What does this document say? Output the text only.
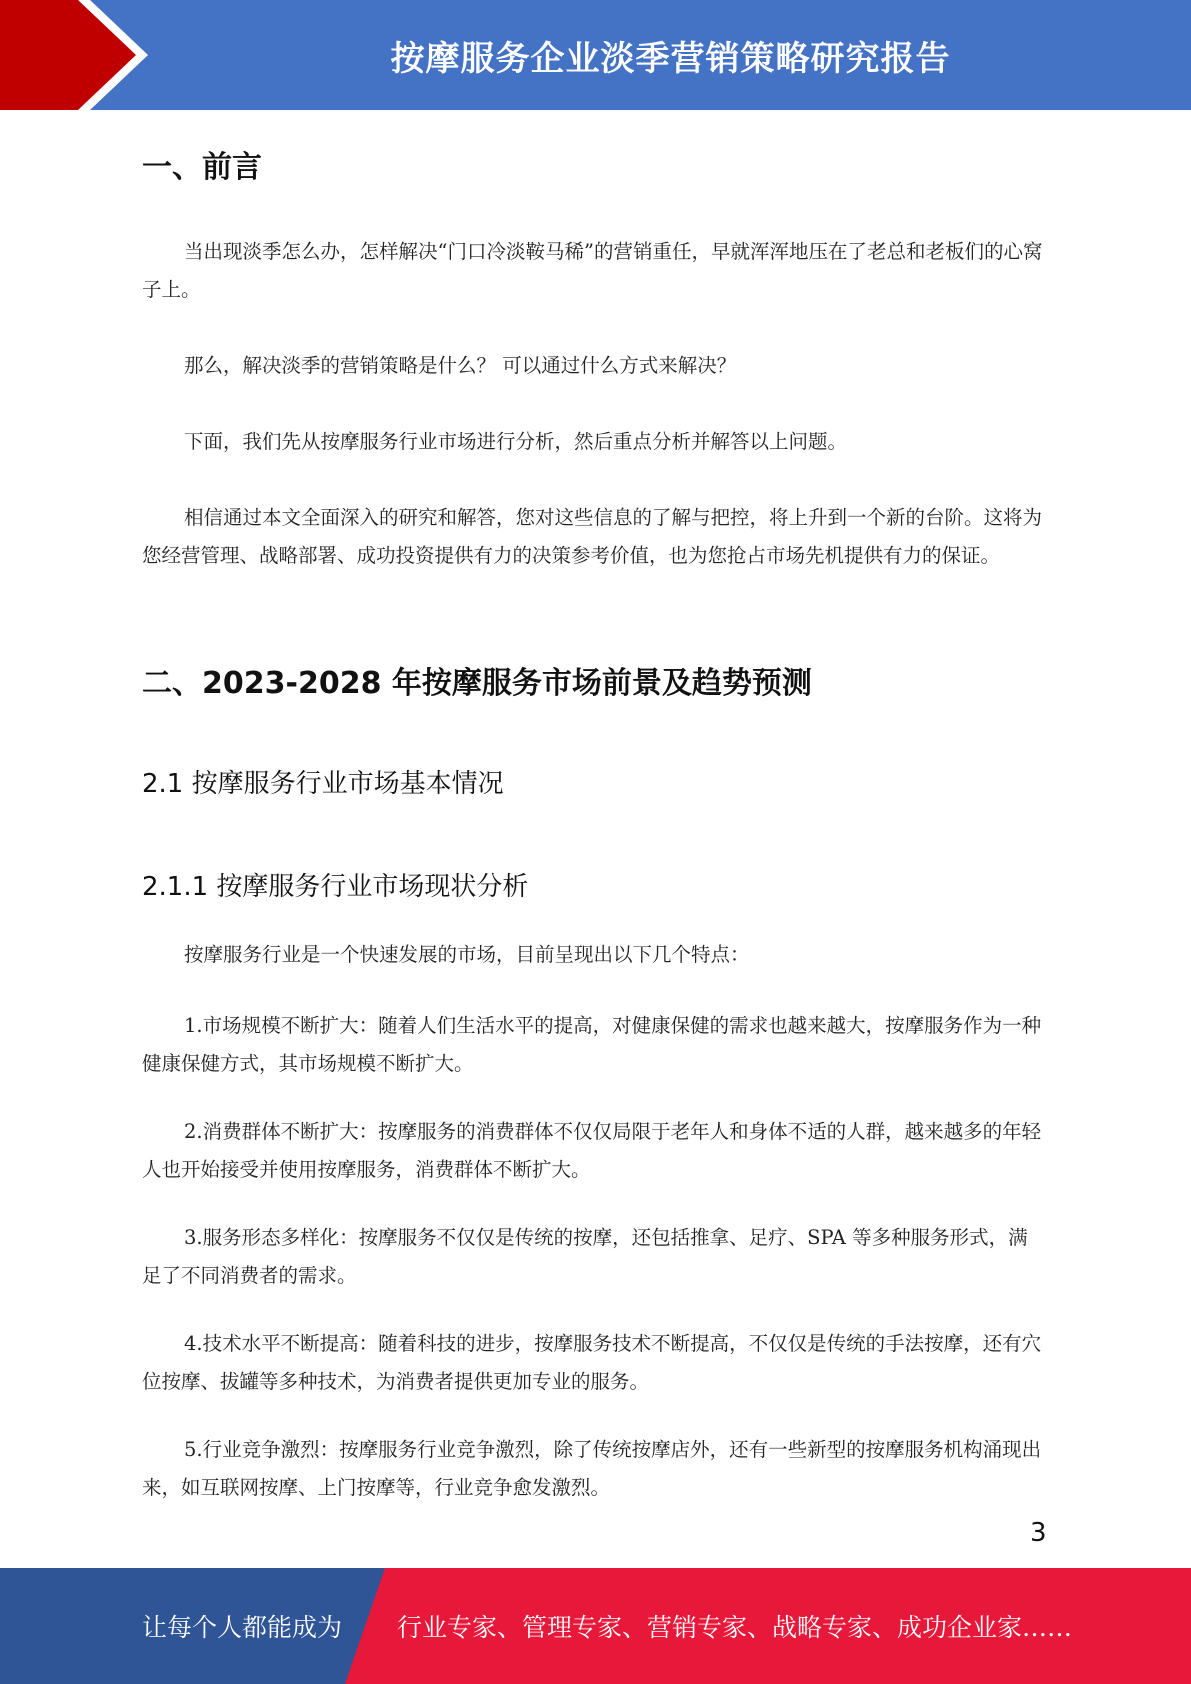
按摩服务企业淡季营销策略研究报告
一、前言

当出现淡季怎么办，怎样解决“门口冷淡鞍马稀”的营销重任，早就浑浑地压在了老总和老板们的心窝子上。

那么，解决淡季的营销策略是什么？ 可以通过什么方式来解决？

下面，我们先从按摩服务行业市场进行分析，然后重点分析并解答以上问题。

相信通过本文全面深入的研究和解答，您对这些信息的了解与把控，将上升到一个新的台阶。这将为您经营管理、战略部署、成功投资提供有力的决策参考价值，也为您抢占市场先机提供有力的保证。

二、2023-2028 年按摩服务市场前景及趋势预测
2.1 按摩服务行业市场基本情况
2.1.1 按摩服务行业市场现状分析

按摩服务行业是一个快速发展的市场，目前呈现出以下几个特点：

1.市场规模不断扩大：随着人们生活水平的提高，对健康保健的需求也越来越大，按摩服务作为一种健康保健方式，其市场规模不断扩大。

2.消费群体不断扩大：按摩服务的消费群体不仅仅局限于老年人和身体不适的人群，越来越多的年轻人也开始接受并使用按摩服务，消费群体不断扩大。

3.服务形态多样化：按摩服务不仅仅是传统的按摩，还包括推拿、足疗、SPA 等多种服务形式，满足了不同消费者的需求。

4.技术水平不断提高：随着科技的进步，按摩服务技术不断提高，不仅仅是传统的手法按摩，还有穴位按摩、拔罐等多种技术，为消费者提供更加专业的服务。

5.行业竞争激烈：按摩服务行业竞争激烈，除了传统按摩店外，还有一些新型的按摩服务机构涌现出来，如互联网按摩、上门按摩等，行业竞争愈发激烈。

3
让每个人都能成为 行业专家、管理专家、营销专家、战略专家、成功企业家……
